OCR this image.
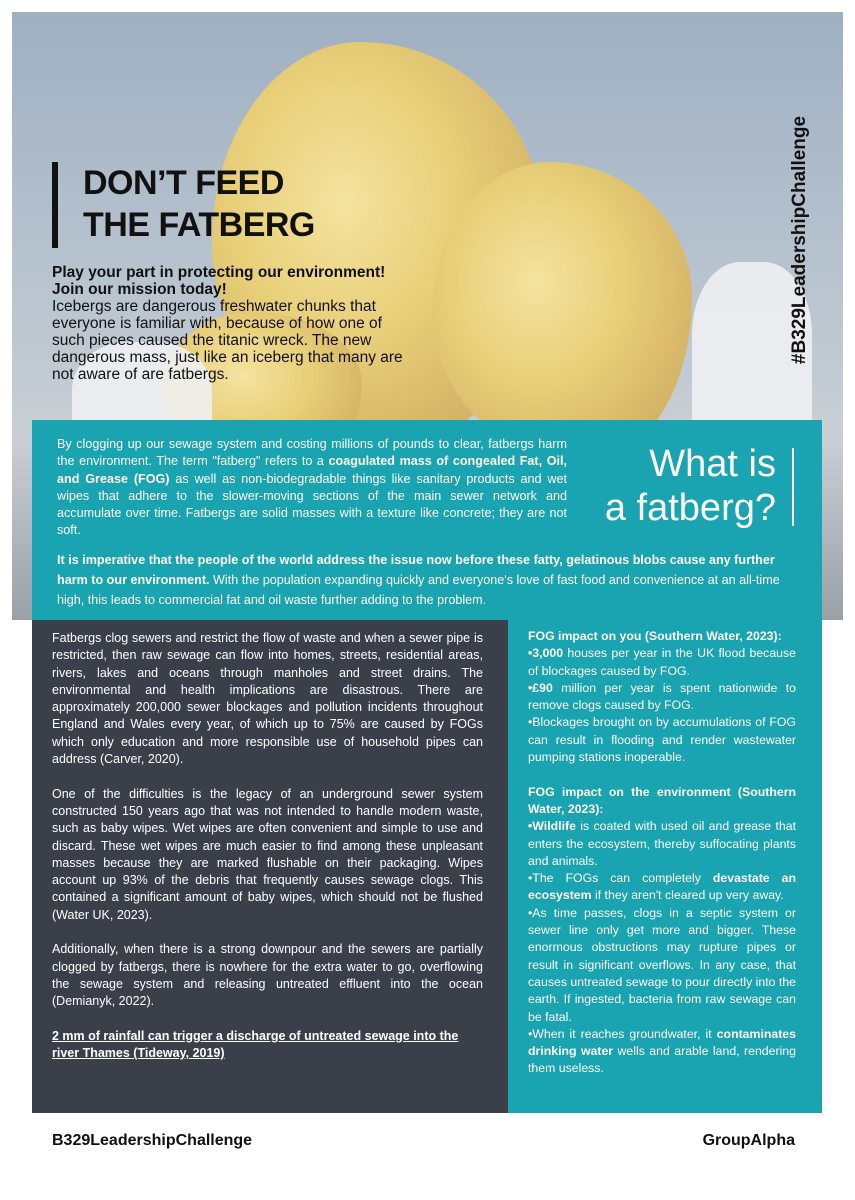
DON’T FEED
THE FATBERG
Play your part in protecting our environment!
Join our mission today!
Icebergs are dangerous freshwater chunks that everyone is familiar with, because of how one of such pieces caused the titanic wreck. The new dangerous mass, just like an iceberg that many are not aware of are fatbergs.
#B329LeadershipChallenge
By clogging up our sewage system and costing millions of pounds to clear, fatbergs harm the environment. The term "fatberg" refers to a coagulated mass of congealed Fat, Oil, and Grease (FOG) as well as non-biodegradable things like sanitary products and wet wipes that adhere to the slower-moving sections of the main sewer network and accumulate over time. Fatbergs are solid masses with a texture like concrete; they are not soft.
What is
a fatberg?
It is imperative that the people of the world address the issue now before these fatty, gelatinous blobs cause any further harm to our environment. With the population expanding quickly and everyone's love of fast food and convenience at an all-time high, this leads to commercial fat and oil waste further adding to the problem.

Fatbergs clog sewers and restrict the flow of waste and when a sewer pipe is restricted, then raw sewage can flow into homes, streets, residential areas, rivers, lakes and oceans through manholes and street drains. The environmental and health implications are disastrous. There are approximately 200,000 sewer blockages and pollution incidents throughout England and Wales every year, of which up to 75% are caused by FOGs which only education and more responsible use of household pipes can address (Carver, 2020).

One of the difficulties is the legacy of an underground sewer system constructed 150 years ago that was not intended to handle modern waste, such as baby wipes. Wet wipes are often convenient and simple to use and discard. These wet wipes are much easier to find among these unpleasant masses because they are marked flushable on their packaging. Wipes account up 93% of the debris that frequently causes sewage clogs. This contained a significant amount of baby wipes, which should not be flushed (Water UK, 2023).

Additionally, when there is a strong downpour and the sewers are partially clogged by fatbergs, there is nowhere for the extra water to go, overflowing the sewage system and releasing untreated effluent into the ocean (Demianyk, 2022).

2 mm of rainfall can trigger a discharge of untreated sewage into the river Thames (Tideway, 2019)

FOG impact on you (Southern Water, 2023):

•3,000 houses per year in the UK flood because of blockages caused by FOG.

•£90 million per year is spent nationwide to remove clogs caused by FOG.

•Blockages brought on by accumulations of FOG can result in flooding and render wastewater pumping stations inoperable.

FOG impact on the environment (Southern Water, 2023):

•Wildlife is coated with used oil and grease that enters the ecosystem, thereby suffocating plants and animals.

•The FOGs can completely devastate an ecosystem if they aren't cleared up very away.

•As time passes, clogs in a septic system or sewer line only get more and bigger. These enormous obstructions may rupture pipes or result in significant overflows. In any case, that causes untreated sewage to pour directly into the earth. If ingested, bacteria from raw sewage can be fatal.

•When it reaches groundwater, it contaminates drinking water wells and arable land, rendering them useless.

B329LeadershipChallenge	GroupAlpha
